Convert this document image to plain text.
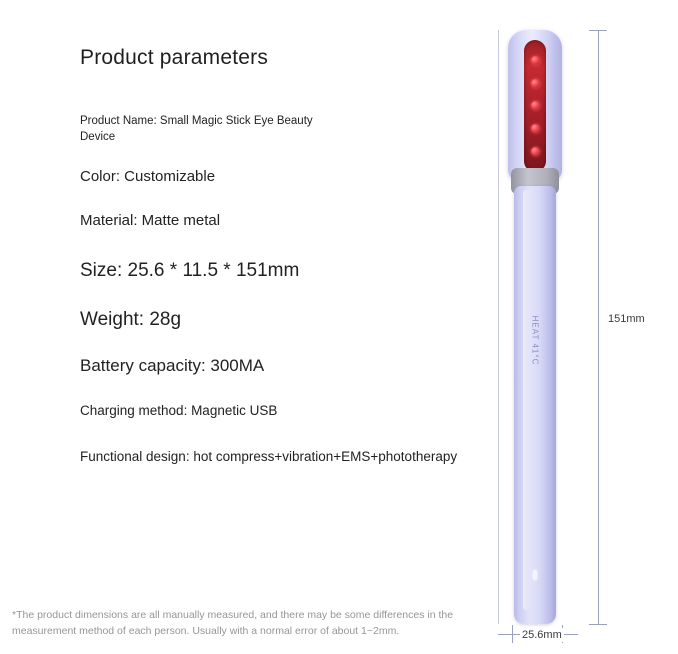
Product parameters
Product Name: Small Magic Stick Eye Beauty Device
Color: Customizable
Material: Matte metal
Size: 25.6 * 11.5 * 151mm
Weight: 28g
Battery capacity: 300MA
Charging method: Magnetic USB
Functional design: hot compress+vibration+EMS+phototherapy
*The product dimensions are all manually measured, and there may be some differences in the measurement method of each person. Usually with a normal error of about 1~2mm.
HEAT 41°C	151mm
25.6mm
